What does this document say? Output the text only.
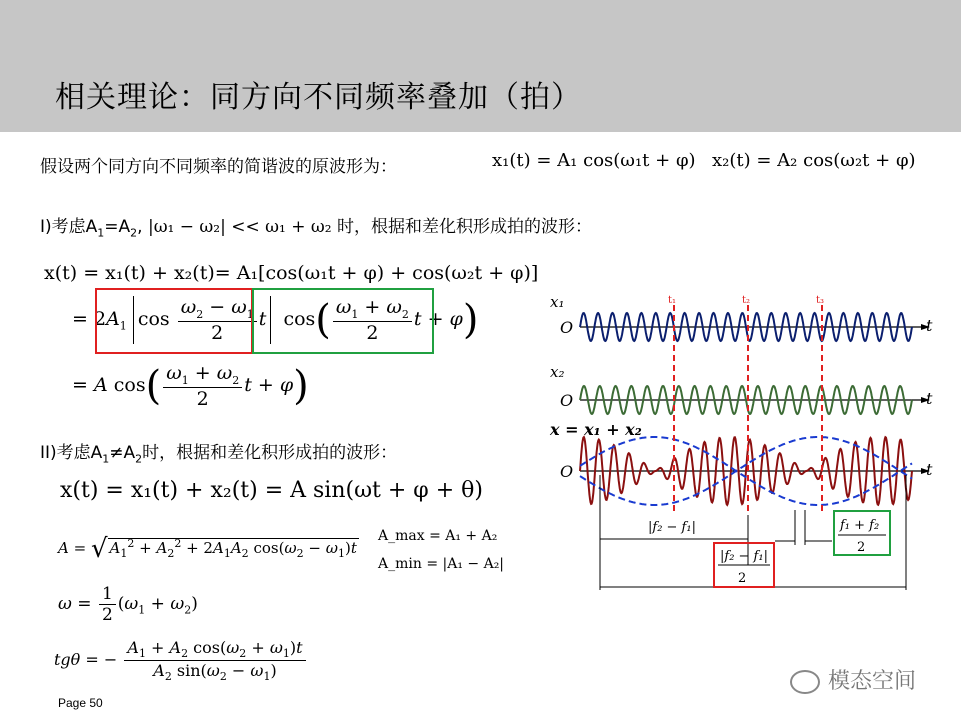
相关理论：同方向不同频率叠加（拍）
假设两个同方向不同频率的简谐波的原波形为：	x₁(t) = A₁ cos(ω₁t + φ) x₂(t) = A₂ cos(ω₂t + φ)
I)考虑$A_1=A_2$, |ω₁ − ω₂| << ω₁ + ω₂ 时，根据和差化积形成拍的波形：
x(t) = x₁(t) + x₂(t)= A₁[cos(ω₁t + φ) + cos(ω₂t + φ)]
= $2A_1$ $\cos \frac{\omega_2 - \omega_1}{2}$ t  $\cos( \frac{\omega_1 + \omega_2}{2}$ t + φ)
= A $\cos( \frac{\omega_1 + \omega_2}{2}$ t + φ)
II)考虑$A_1\ne A_2$时，根据和差化积形成拍的波形：
x(t) = x₁(t) + x₂(t) = A sin(ωt + φ + θ)
A = √ $A_1^2 + A_2^2 + 2A_1A_2$ $\cos(\omega_2 - \omega_1)t$
A_max = A₁ + A₂
A_min = |A₁ − A₂|
$\omega = \frac{1}{2} (\omega_1 + \omega_2)$
tgθ = − $\frac{A_1 + A_2 \cos(\omega_2 + \omega_1)t}{A_2 \sin(\omega_2 - \omega_1)}$
x₁
x₂
x = x₁ + x₂
O
O
O
t
t
t
t₁	t₂	t₃
|f₂ − f₁|
|f₂ − f₁|
2
f₁ + f₂
2
Page 50
模态空间
